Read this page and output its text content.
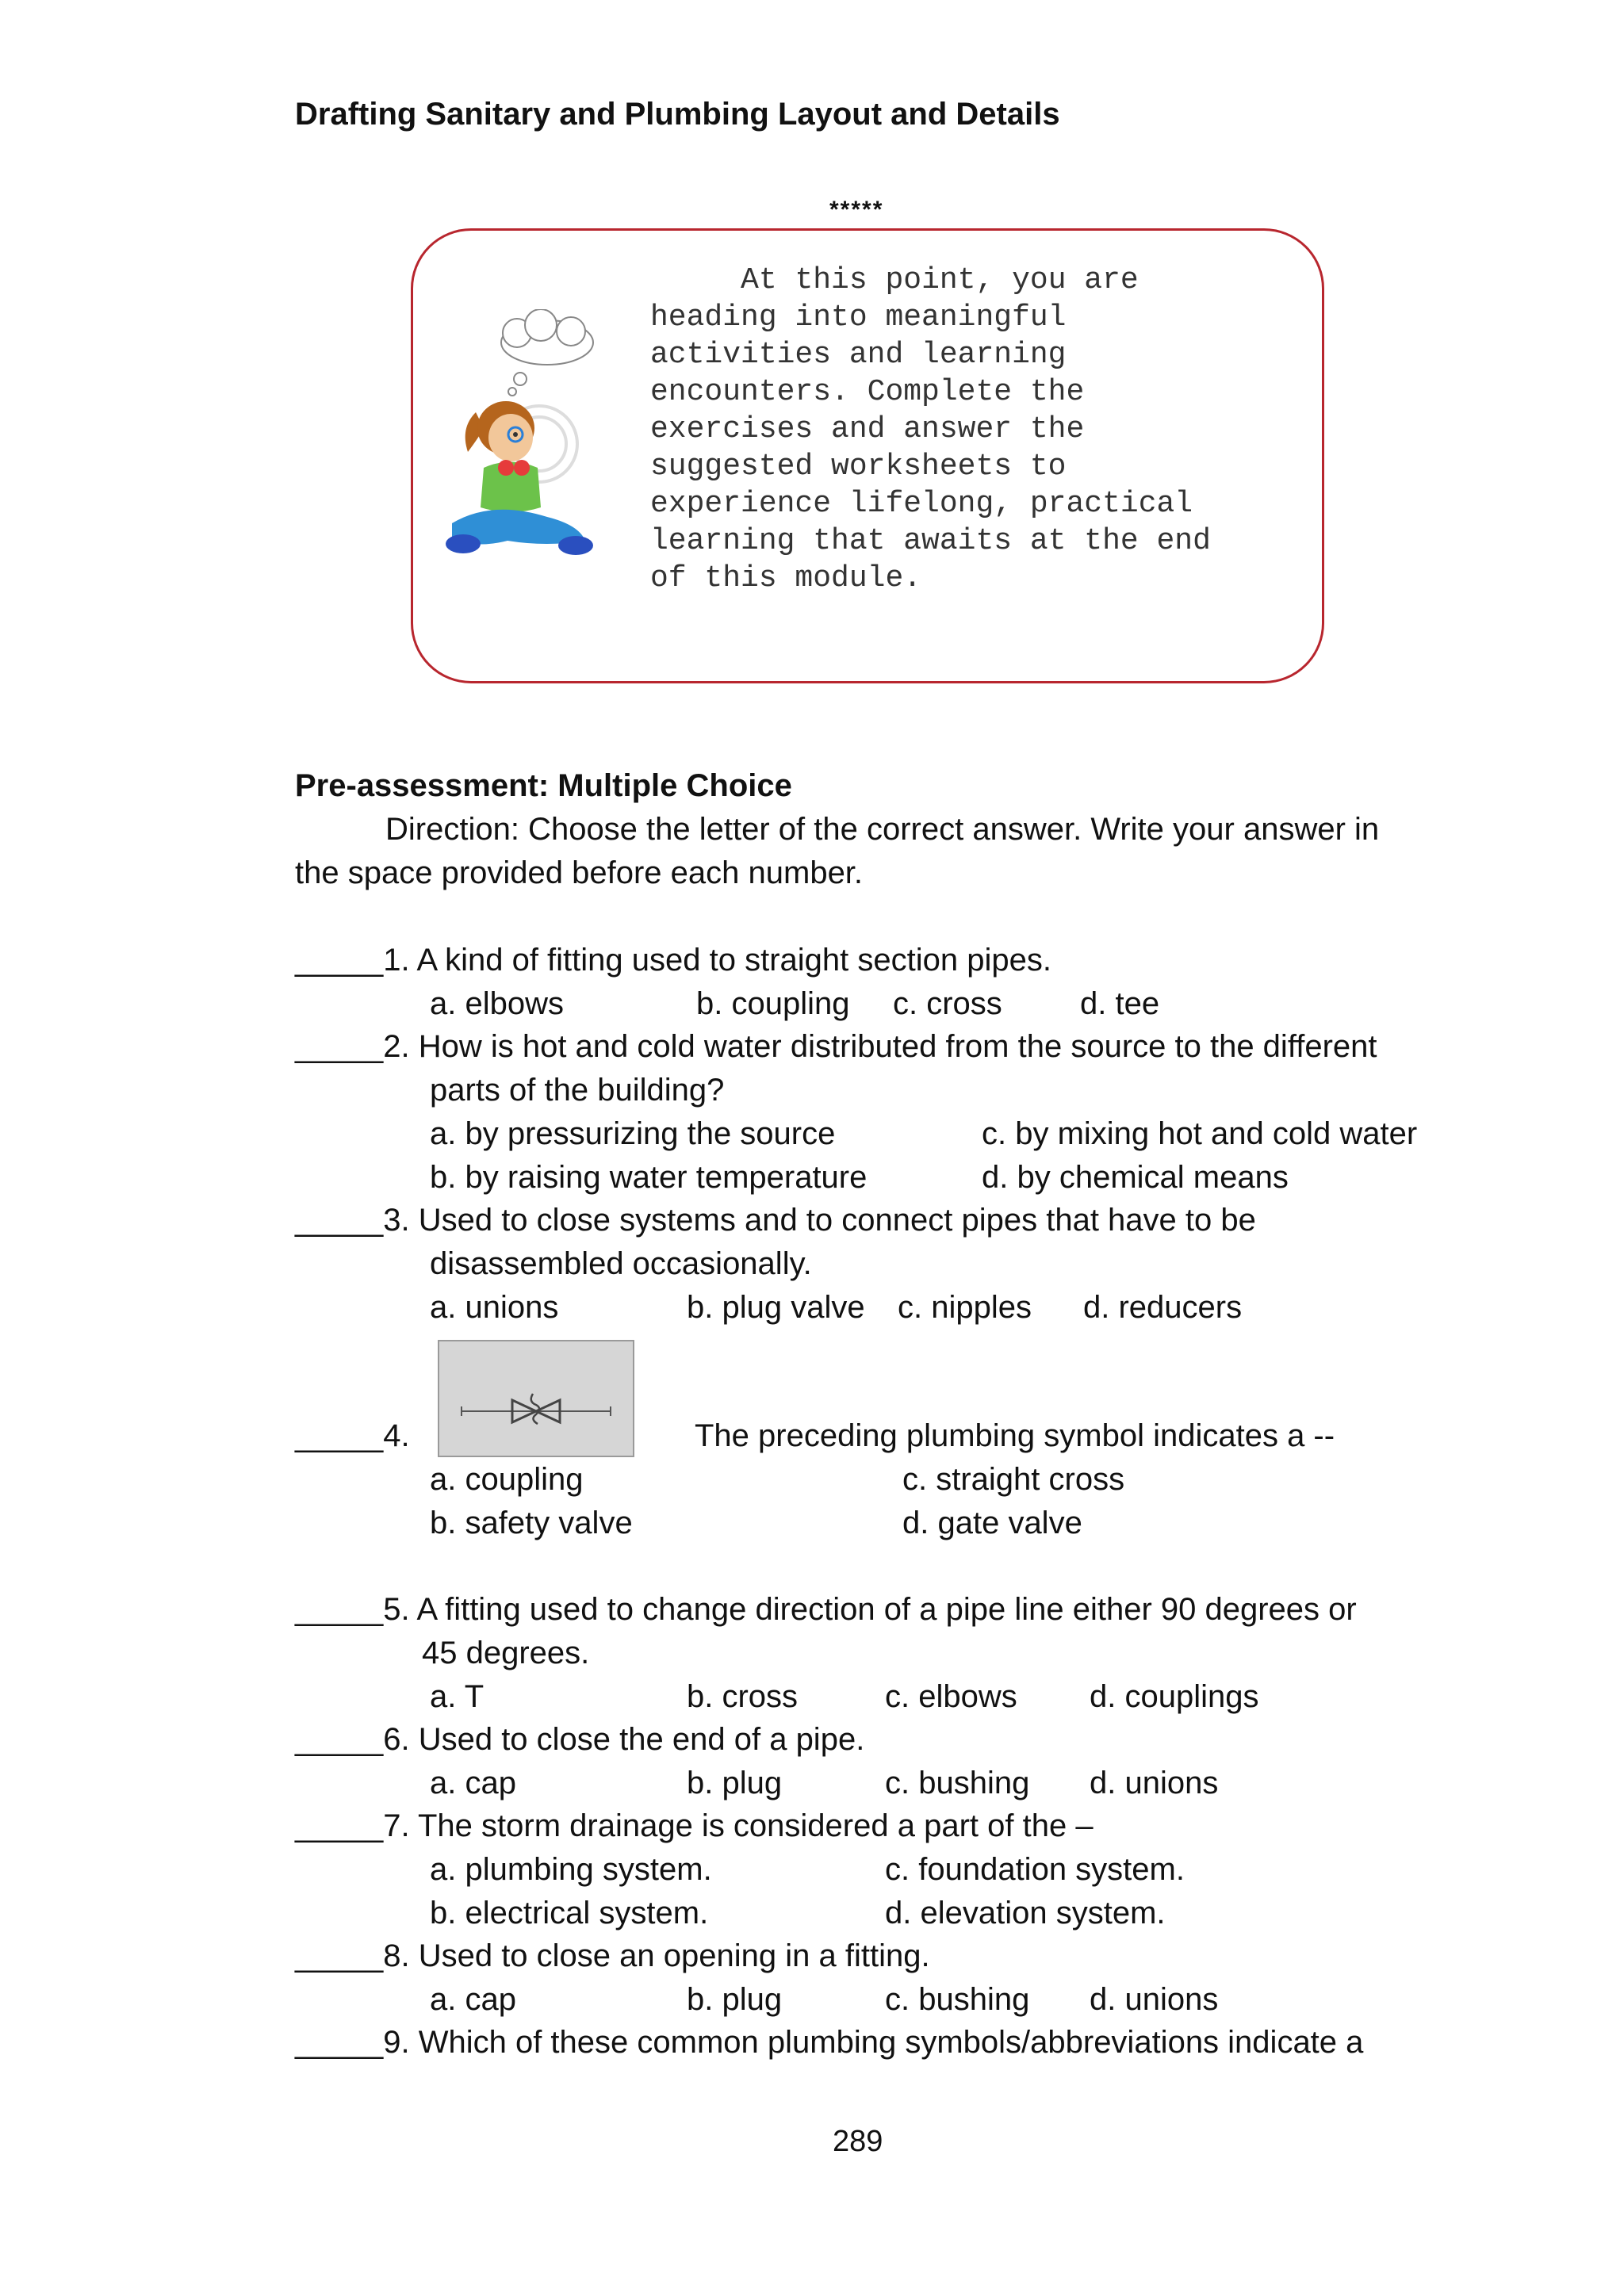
Drafting Sanitary and Plumbing Layout and Details
*****
At this point, you are
heading into meaningful
activities and learning
encounters. Complete the
exercises and answer the
suggested worksheets to
experience lifelong, practical
learning that awaits at the end
of this module.
Pre-assessment: Multiple Choice
Direction: Choose the letter of the correct answer. Write your answer in
the space provided before each number.
_____1. A kind of fitting used to straight section pipes.
a. elbows	b. coupling c. cross d. tee
_____2. How is hot and cold water distributed from the source to the different
parts of the building?
a. by pressurizing the source	c. by mixing hot and cold water
b. by raising water temperature	d. by chemical means
_____3. Used to close systems and to connect pipes that have to be
disassembled occasionally.
a. unions	b. plug valve c. nipples d. reducers
_____4.	The preceding plumbing symbol indicates a --
a. coupling	c. straight cross
b. safety valve	d. gate valve
_____5. A fitting used to change direction of a pipe line either 90 degrees or
45 degrees.
a. T	b. cross	c. elbows d. couplings
_____6. Used to close the end of a pipe.
a. cap	b. plug	c. bushing d. unions
_____7. The storm drainage is considered a part of the –
a. plumbing system.	c. foundation system.
b. electrical system.	d. elevation system.
_____8. Used to close an opening in a fitting.
a. cap	b. plug	c. bushing d. unions
_____9. Which of these common plumbing symbols/abbreviations indicate a
289
